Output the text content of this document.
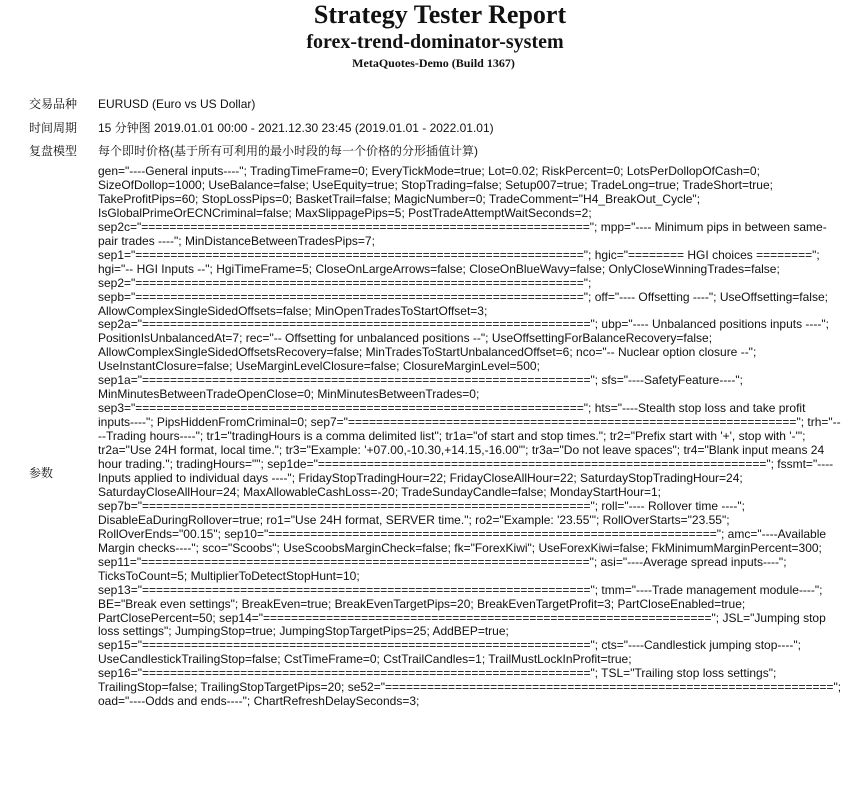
Strategy Tester Report
forex-trend-dominator-system
MetaQuotes-Demo (Build 1367)
交易品种 EURUSD (Euro vs US Dollar)
时间周期 15 分钟图 2019.01.01 00:00 - 2021.12.30 23:45 (2019.01.01 - 2022.01.01)
复盘模型 每个即时价格(基于所有可利用的最小时段的每一个价格的分形插值计算)
参数
gen="----General inputs----"; TradingTimeFrame=0; EveryTickMode=true; Lot=0.02; RiskPercent=0; LotsPerDollopOfCash=0; SizeOfDollop=1000; UseBalance=false; UseEquity=true; StopTrading=false; Setup007=true; TradeLong=true; TradeShort=true; TakeProfitPips=60; StopLossPips=0; BasketTrail=false; MagicNumber=0; TradeComment="H4_BreakOut_Cycle"; IsGlobalPrimeOrECNCriminal=false; MaxSlippagePips=5; PostTradeAttemptWaitSeconds=2; sep2c="================================================================"; mpp="---- Minimum pips in between same-pair trades ----"; MinDistanceBetweenTradesPips=7; sep1="================================================================"; hgic="======== HGI choices ========"; hgi="-- HGI Inputs --"; HgiTimeFrame=5; CloseOnLargeArrows=false; CloseOnBlueWavy=false; OnlyCloseWinningTrades=false; sep2="================================================================"; sepb="================================================================"; off="---- Offsetting ----"; UseOffsetting=false; AllowComplexSingleSidedOffsets=false; MinOpenTradesToStartOffset=3; sep2a="================================================================"; ubp="---- Unbalanced positions inputs ----"; PositionIsUnbalancedAt=7; rec="-- Offsetting for unbalanced positions --"; UseOffsettingForBalanceRecovery=false; AllowComplexSingleSidedOffsetsRecovery=false; MinTradesToStartUnbalancedOffset=6; nco="-- Nuclear option closure --"; UseInstantClosure=false; UseMarginLevelClosure=false; ClosureMarginLevel=500; sep1a="================================================================"; sfs="----SafetyFeature----"; MinMinutesBetweenTradeOpenClose=0; MinMinutesBetweenTrades=0; sep3="================================================================"; hts="----Stealth stop loss and take profit inputs----"; PipsHiddenFromCriminal=0; sep7="================================================================"; trh="----Trading hours----"; tr1="tradingHours is a comma delimited list"; tr1a="of start and stop times."; tr2="Prefix start with '+', stop with '-'"; tr2a="Use 24H format, local time."; tr3="Example: '+07.00,-10.30,+14.15,-16.00'"; tr3a="Do not leave spaces"; tr4="Blank input means 24 hour trading."; tradingHours=""; sep1de="================================================================"; fssmt="---- Inputs applied to individual days ----"; FridayStopTradingHour=22; FridayCloseAllHour=22; SaturdayStopTradingHour=24; SaturdayCloseAllHour=24; MaxAllowableCashLoss=-20; TradeSundayCandle=false; MondayStartHour=1; sep7b="================================================================"; roll="---- Rollover time ----"; DisableEaDuringRollover=true; ro1="Use 24H format, SERVER time."; ro2="Example: '23.55'"; RollOverStarts="23.55"; RollOverEnds="00.15"; sep10="================================================================"; amc="----Available Margin checks----"; sco="Scoobs"; UseScoobsMarginCheck=false; fk="ForexKiwi"; UseForexKiwi=false; FkMinimumMarginPercent=300; sep11="================================================================"; asi="----Average spread inputs----"; TicksToCount=5; MultiplierToDetectStopHunt=10; sep13="================================================================"; tmm="----Trade management module----"; BE="Break even settings"; BreakEven=true; BreakEvenTargetPips=20; BreakEvenTargetProfit=3; PartCloseEnabled=true; PartClosePercent=50; sep14="================================================================"; JSL="Jumping stop loss settings"; JumpingStop=true; JumpingStopTargetPips=25; AddBEP=true; sep15="================================================================"; cts="----Candlestick jumping stop----"; UseCandlestickTrailingStop=false; CstTimeFrame=0; CstTrailCandles=1; TrailMustLockInProfit=true; sep16="================================================================"; TSL="Trailing stop loss settings"; TrailingStop=false; TrailingStopTargetPips=20; se52="================================================================"; oad="----Odds and ends----"; ChartRefreshDelaySeconds=3;
